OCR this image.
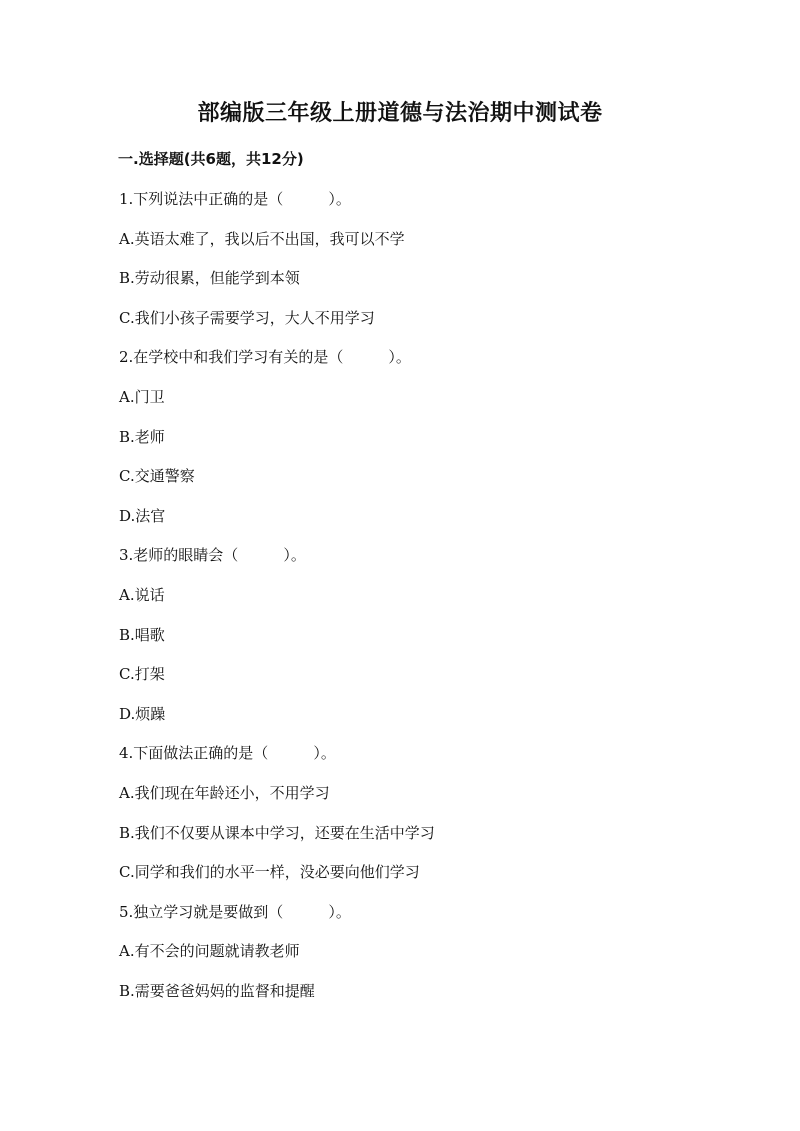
部编版三年级上册道德与法治期中测试卷
一.选择题(共6题，共12分)
1.下列说法中正确的是（　　　）。
A.英语太难了，我以后不出国，我可以不学
B.劳动很累，但能学到本领
C.我们小孩子需要学习，大人不用学习
2.在学校中和我们学习有关的是（　　　）。
A.门卫
B.老师
C.交通警察
D.法官
3.老师的眼睛会（　　　）。
A.说话
B.唱歌
C.打架
D.烦躁
4.下面做法正确的是（　　　）。
A.我们现在年龄还小，不用学习
B.我们不仅要从课本中学习，还要在生活中学习
C.同学和我们的水平一样，没必要向他们学习
5.独立学习就是要做到（　　　）。
A.有不会的问题就请教老师
B.需要爸爸妈妈的监督和提醒
